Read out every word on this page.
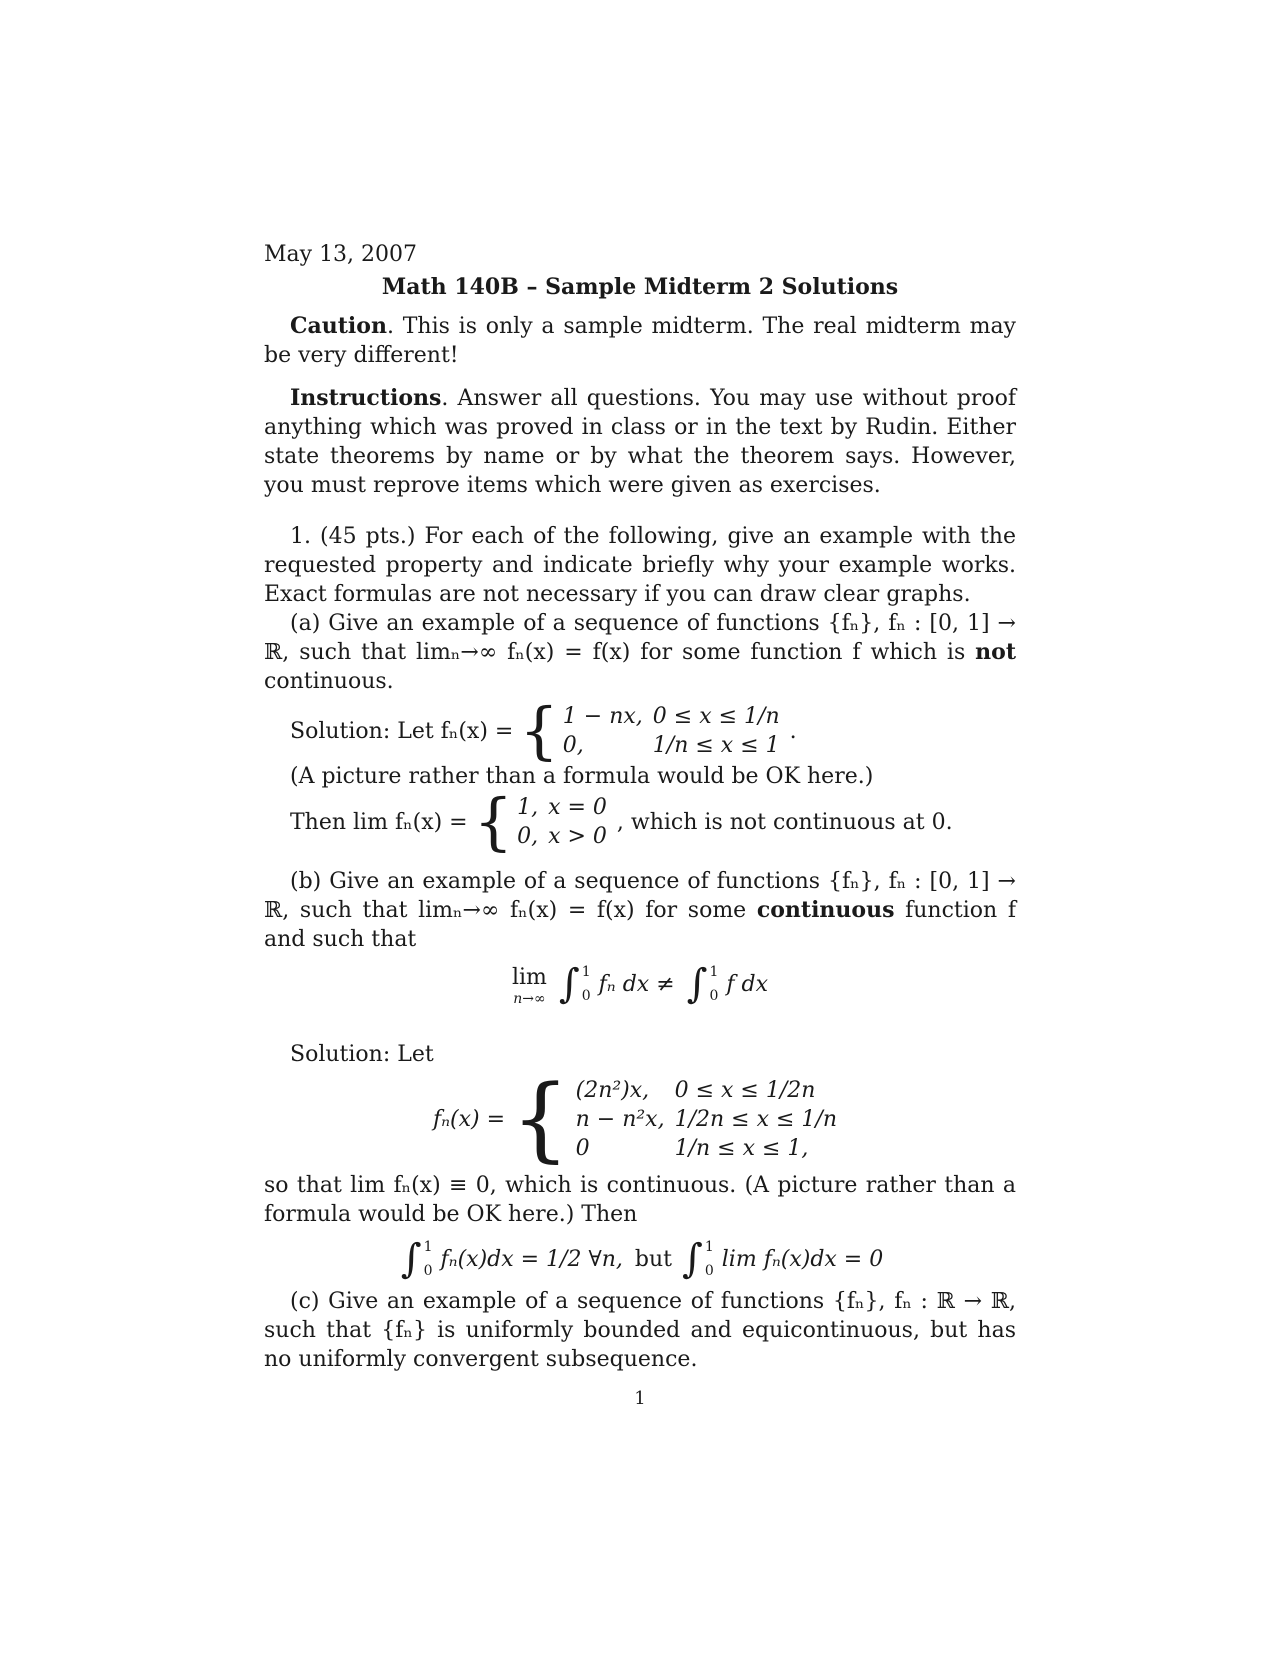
May 13, 2007
Math 140B – Sample Midterm 2 Solutions

Caution. This is only a sample midterm. The real midterm may be very different!

Instructions. Answer all questions. You may use without proof anything which was proved in class or in the text by Rudin. Either state theorems by name or by what the theorem says. However, you must reprove items which were given as exercises.

1. (45 pts.) For each of the following, give an example with the requested property and indicate briefly why your example works. Exact formulas are not necessary if you can draw clear graphs.

(a) Give an example of a sequence of functions {fₙ}, fₙ : [0, 1] → ℝ, such that limₙ→∞ fₙ(x) = f(x) for some function f which is not continuous.

Solution: Let fₙ(x) = { 1 − nx,	0 ≤ x ≤ 1/n
0,	1/n ≤ x ≤ 1
.

(A picture rather than a formula would be OK here.)

Then lim fₙ(x) = { 1,	x = 0
0,	x > 0
, which is not continuous at 0.

(b) Give an example of a sequence of functions {fₙ}, fₙ : [0, 1] → ℝ, such that limₙ→∞ fₙ(x) = f(x) for some continuous function f and such that

lim
n→∞ ∫ 1
0 fₙ dx ≠ ∫ 1
0 f dx

Solution: Let

fₙ(x) = { (2n²)x,	0 ≤ x ≤ 1/2n
n − n²x,	1/2n ≤ x ≤ 1/n
0	1/n ≤ x ≤ 1,

so that lim fₙ(x) ≡ 0, which is continuous. (A picture rather than a formula would be OK here.) Then

∫ 1
0 fₙ(x)dx = 1/2 ∀n, but ∫ 1
0 lim fₙ(x)dx = 0

(c) Give an example of a sequence of functions {fₙ}, fₙ : ℝ → ℝ, such that {fₙ} is uniformly bounded and equicontinuous, but has no uniformly convergent subsequence.

1
